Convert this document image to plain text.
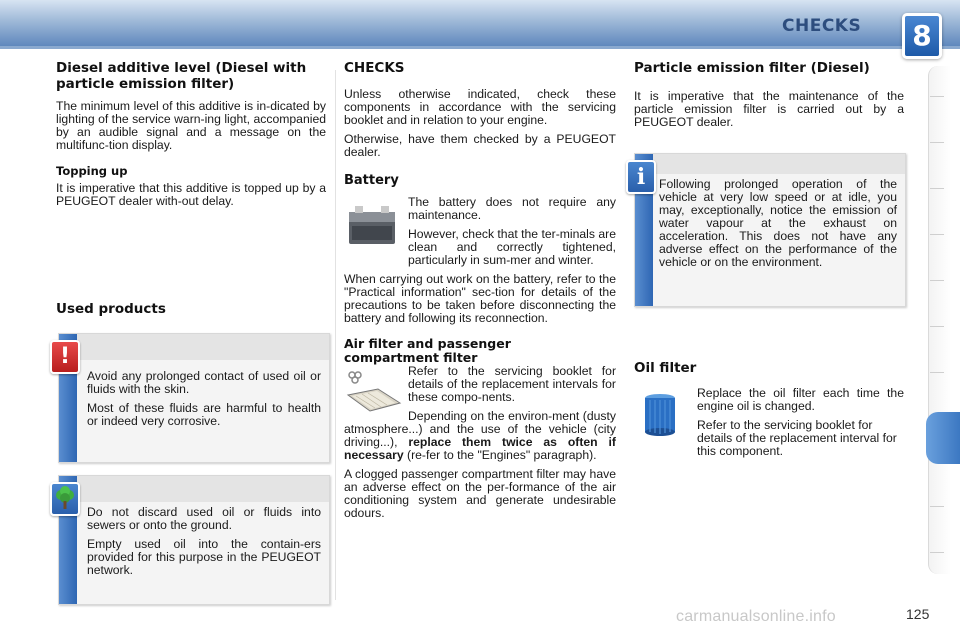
CHECKS	8
Diesel additive level (Diesel with particle emission filter)

The minimum level of this additive is in-dicated by lighting of the service warn-ing light, accompanied by an audible signal and a message on the multifunc-tion display.

Topping up

It is imperative that this additive is topped up by a PEUGEOT dealer with-out delay.

Used products

Avoid any prolonged contact of used oil or fluids with the skin.

Most of these fluids are harmful to health or indeed very corrosive.

!

Do not discard used oil or fluids into sewers or onto the ground.

Empty used oil into the contain-ers provided for this purpose in the PEUGEOT network.

CHECKS

Unless otherwise indicated, check these components in accordance with the servicing booklet and in relation to your engine.

Otherwise, have them checked by a PEUGEOT dealer.

Battery

The battery does not require any maintenance.

However, check that the ter-minals are clean and correctly tightened, particularly in sum-mer and winter.

When carrying out work on the battery, refer to the "Practical information" sec-tion for details of the precautions to be taken before disconnecting the battery and following its reconnection.

Air filter and passenger compartment filter

Refer to the servicing booklet for details of the replacement intervals for these compo-nents.

Depending on the environ-ment (dusty atmosphere...) and the use of the vehicle (city driving...), replace them twice as often if necessary (re-fer to the "Engines" paragraph).

A clogged passenger compartment filter may have an adverse effect on the per-formance of the air conditioning system and generate undesirable odours.

Particle emission filter (Diesel)

It is imperative that the maintenance of the particle emission filter is carried out by a PEUGEOT dealer.

Following prolonged operation of the vehicle at very low speed or at idle, you may, exceptionally, notice the emission of water vapour at the exhaust on acceleration. This does not have any adverse effect on the performance of the vehicle or on the environment.

i
Oil filter

Replace the oil filter each time the engine oil is changed.

Refer to the servicing booklet for details of the replacement interval for this component.

carmanualsonline.info	125
